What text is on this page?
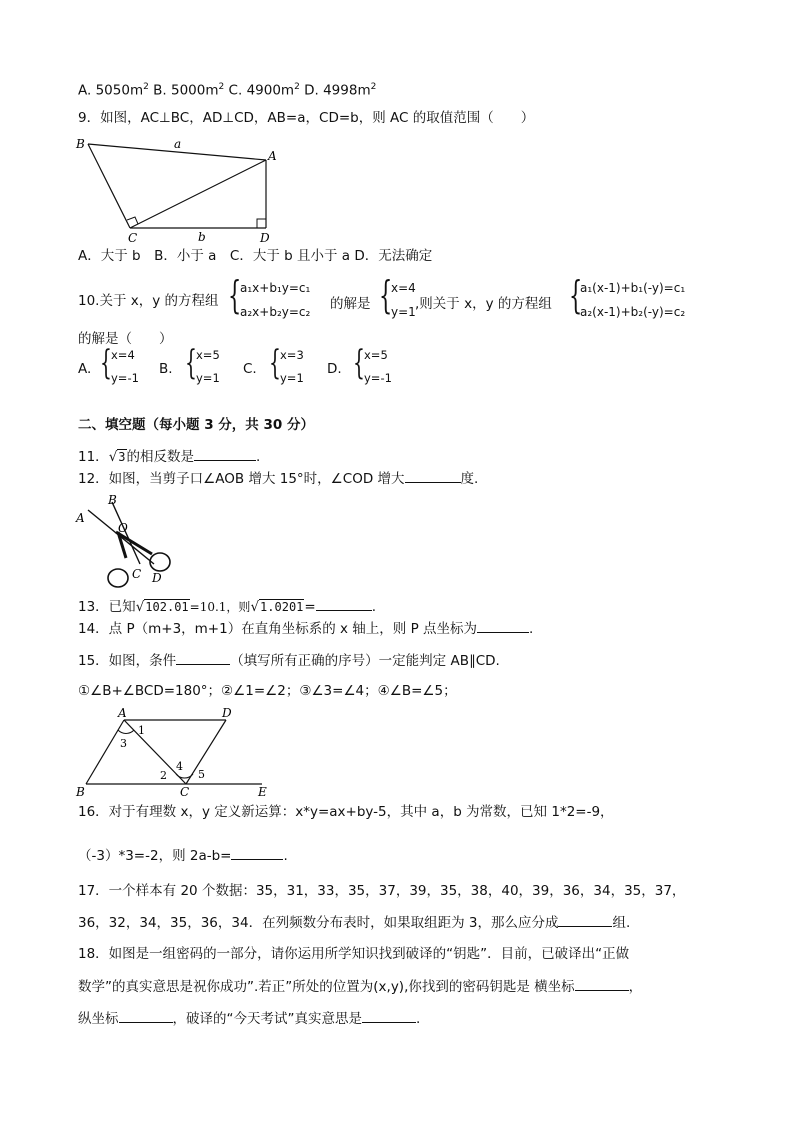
A. $5050m^2$ B. $5000m^2$ C. $4900m^2$ D. $4998m^2$
9．如图，AC⊥BC，AD⊥CD，AB=a，CD=b，则 AC 的取值范围（　　）
B
A
C	D
a
b
A．大于 b　B．小于 a　C．大于 b 且小于 a D．无法确定
10.关于 x，y 的方程组 {
a₁x+b₁y=c₁
a₂x+b₂y=c₂ 的解是 {
x=4
y=1 ,则关于 x，y 的方程组 {
a₁(x-1)+b₁(-y)=c₁
a₂(x-1)+b₂(-y)=c₂
的解是（　　）
A. { x=4
y=-1
B. { x=5
y=1
C. { x=3
y=1
D. { x=5
y=-1
二、填空题（每小题 3 分，共 30 分）
11．√3的相反数是	.
12．如图，当剪子口∠AOB 增大 15°时，∠COD 增大	度.
A
B
O
C D
13．已知√102.01=10.1，则√1.0201=	.
14．点 P（m+3，m+1）在直角坐标系的 x 轴上，则 P 点坐标为	.
15．如图，条件	（填写所有正确的序号）一定能判定 AB∥CD.
①∠B+∠BCD=180°；②∠1=∠2；③∠3=∠4；④∠B=∠5；
A	D
B	C	E
1
3
2
4
5
16．对于有理数 x，y 定义新运算：x*y=ax+by-5，其中 a，b 为常数，已知 1*2=-9，
（-3）*3=-2，则 2a-b=	.
17．一个样本有 20 个数据：35，31，33，35，37，39，35，38，40，39，36，34，35，37，
36，32，34，35，36，34．在列频数分布表时，如果取组距为 3，那么应分成	组.
18．如图是一组密码的一部分，请你运用所学知识找到破译的“钥匙”．目前，已破译出“正做
数学”的真实意思是祝你成功”.若正”所处的位置为(x,y),你找到的密码钥匙是 横坐标	，
纵坐标	，破译的“今天考试”真实意思是	.
